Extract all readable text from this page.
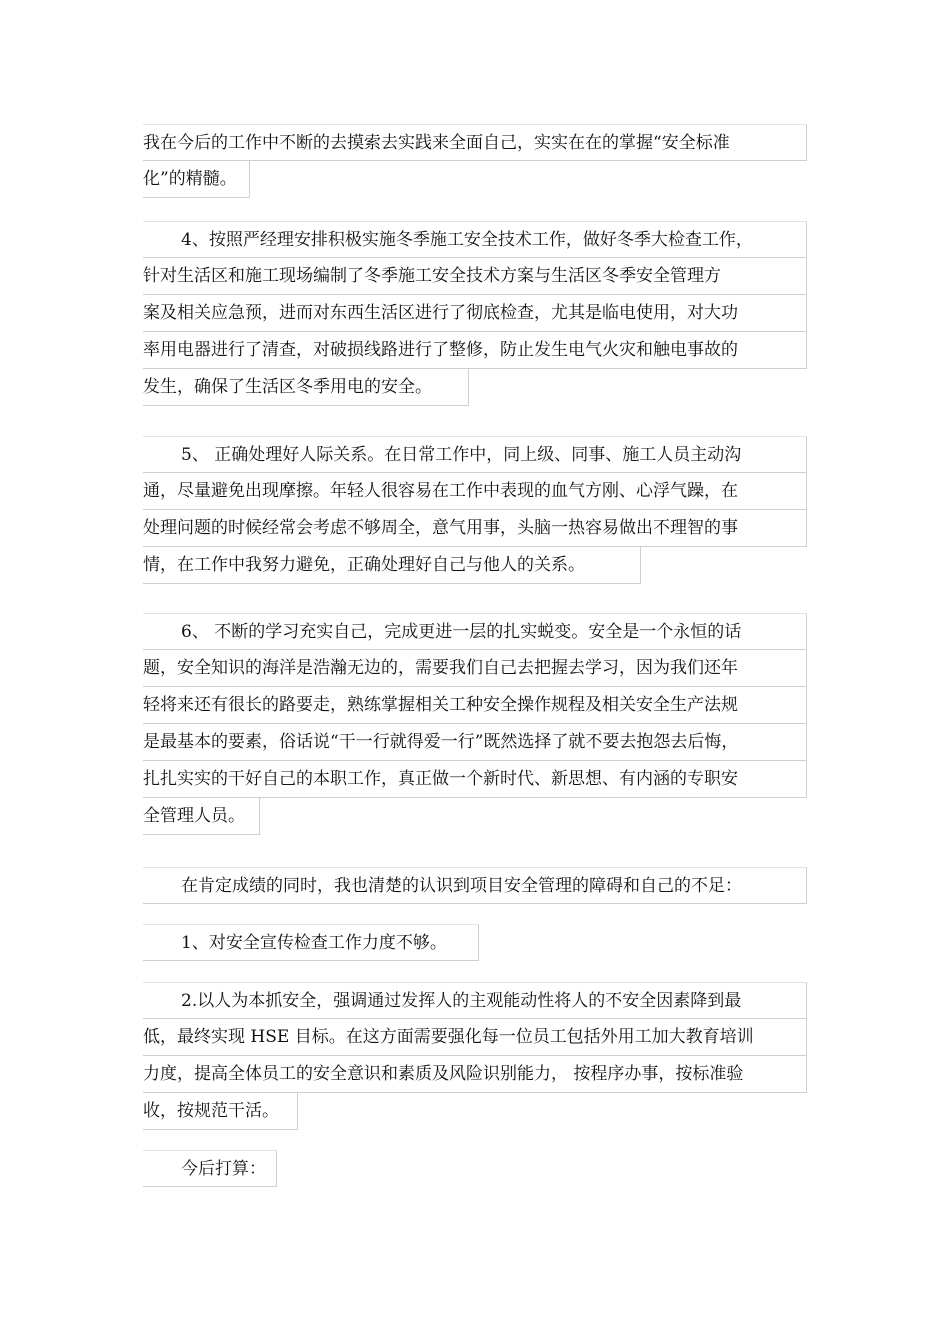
我在今后的工作中不断的去摸索去实践来全面自己，实实在在的掌握“安全标准
化”的精髓。
4、按照严经理安排积极实施冬季施工安全技术工作，做好冬季大检查工作，
针对生活区和施工现场编制了冬季施工安全技术方案与生活区冬季安全管理方
案及相关应急预，进而对东西生活区进行了彻底检查，尤其是临电使用，对大功
率用电器进行了清查，对破损线路进行了整修，防止发生电气火灾和触电事故的
发生，确保了生活区冬季用电的安全。
5、 正确处理好人际关系。在日常工作中，同上级、同事、施工人员主动沟
通，尽量避免出现摩擦。年轻人很容易在工作中表现的血气方刚、心浮气躁，在
处理问题的时候经常会考虑不够周全，意气用事，头脑一热容易做出不理智的事
情，在工作中我努力避免，正确处理好自己与他人的关系。
6、 不断的学习充实自己，完成更进一层的扎实蜕变。安全是一个永恒的话
题，安全知识的海洋是浩瀚无边的，需要我们自己去把握去学习，因为我们还年
轻将来还有很长的路要走，熟练掌握相关工种安全操作规程及相关安全生产法规
是最基本的要素，俗话说“干一行就得爱一行”既然选择了就不要去抱怨去后悔，
扎扎实实的干好自己的本职工作，真正做一个新时代、新思想、有内涵的专职安
全管理人员。
在肯定成绩的同时，我也清楚的认识到项目安全管理的障碍和自己的不足：
1、对安全宣传检查工作力度不够。
2.以人为本抓安全，强调通过发挥人的主观能动性将人的不安全因素降到最
低，最终实现 HSE 目标。在这方面需要强化每一位员工包括外用工加大教育培训
力度，提高全体员工的安全意识和素质及风险识别能力， 按程序办事，按标准验
收，按规范干活。
今后打算：
